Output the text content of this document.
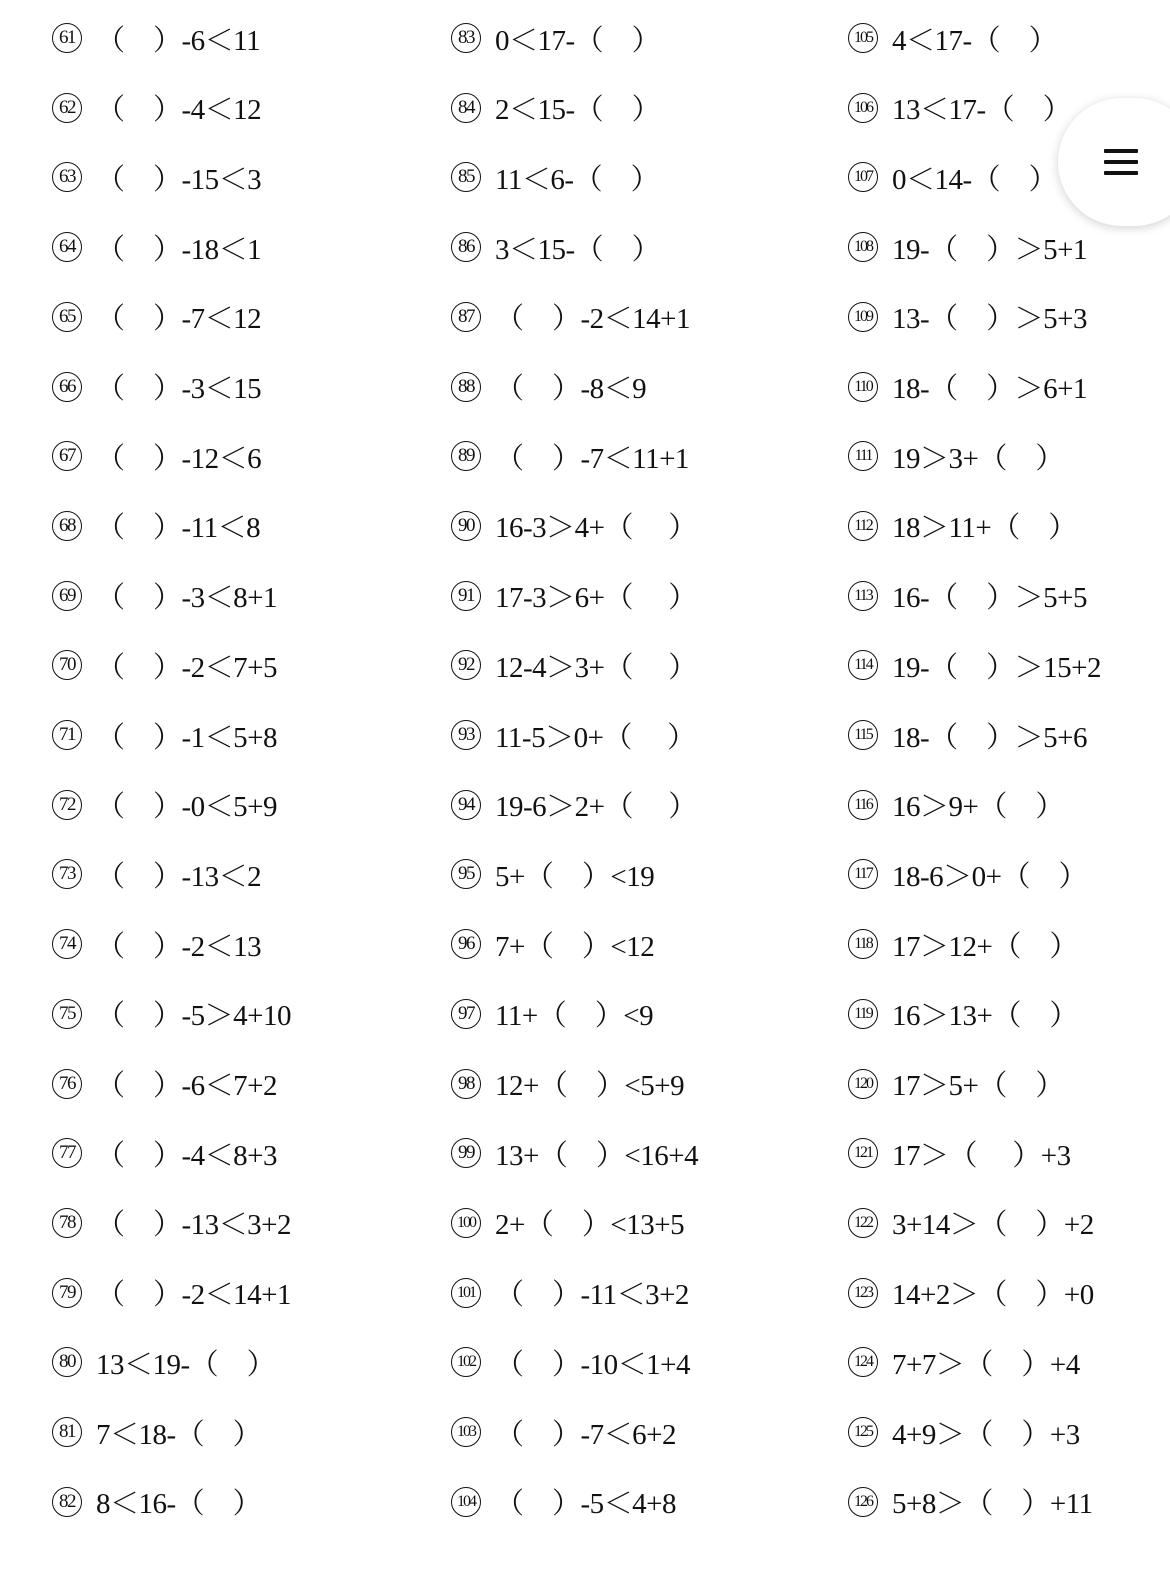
61 （　）-6＜11
62 （　）-4＜12
63 （　）-15＜3
64 （　）-18＜1
65 （　）-7＜12
66 （　）-3＜15
67 （　）-12＜6
68 （　）-11＜8
69 （　）-3＜8+1
70 （　）-2＜7+5
71 （　）-1＜5+8
72 （　）-0＜5+9
73 （　）-13＜2
74 （　）-2＜13
75 （　）-5＞4+10
76 （　）-6＜7+2
77 （　）-4＜8+3
78 （　）-13＜3+2
79 （　）-2＜14+1
80 13＜19-（　）
81 7＜18-（　）
82 8＜16-（　）
83 0＜17-（　）
84 2＜15-（　）
85 11＜6-（　）
86 3＜15-（　）
87 （　）-2＜14+1
88 （　）-8＜9
89 （　）-7＜11+1
90 16-3＞4+（　 ）
91 17-3＞6+（　 ）
92 12-4＞3+（　 ）
93 11-5＞0+（　 ）
94 19-6＞2+（　 ）
95 5+（　）<19
96 7+（　）<12
97 11+（　）<9
98 12+（　）<5+9
99 13+（　）<16+4
100 2+（　）<13+5
101 （　）-11＜3+2
102 （　）-10＜1+4
103 （　）-7＜6+2
104 （　）-5＜4+8
105 4＜17-（　）
106 13＜17-（　）
107 0＜14-（　）
108 19-（　）＞5+1
109 13-（　）＞5+3
110 18-（　）＞6+1
111 19＞3+（　）
112 18＞11+（　）
113 16-（　）＞5+5
114 19-（　）＞15+2
115 18-（　）＞5+6
116 16＞9+（　）
117 18-6＞0+（　）
118 17＞12+（　）
119 16＞13+（　）
120 17＞5+（　）
121 17＞（　 ）+3
122 3+14＞（　）+2
123 14+2＞（　）+0
124 7+7＞（　）+4
125 4+9＞（　）+3
126 5+8＞（　）+11
